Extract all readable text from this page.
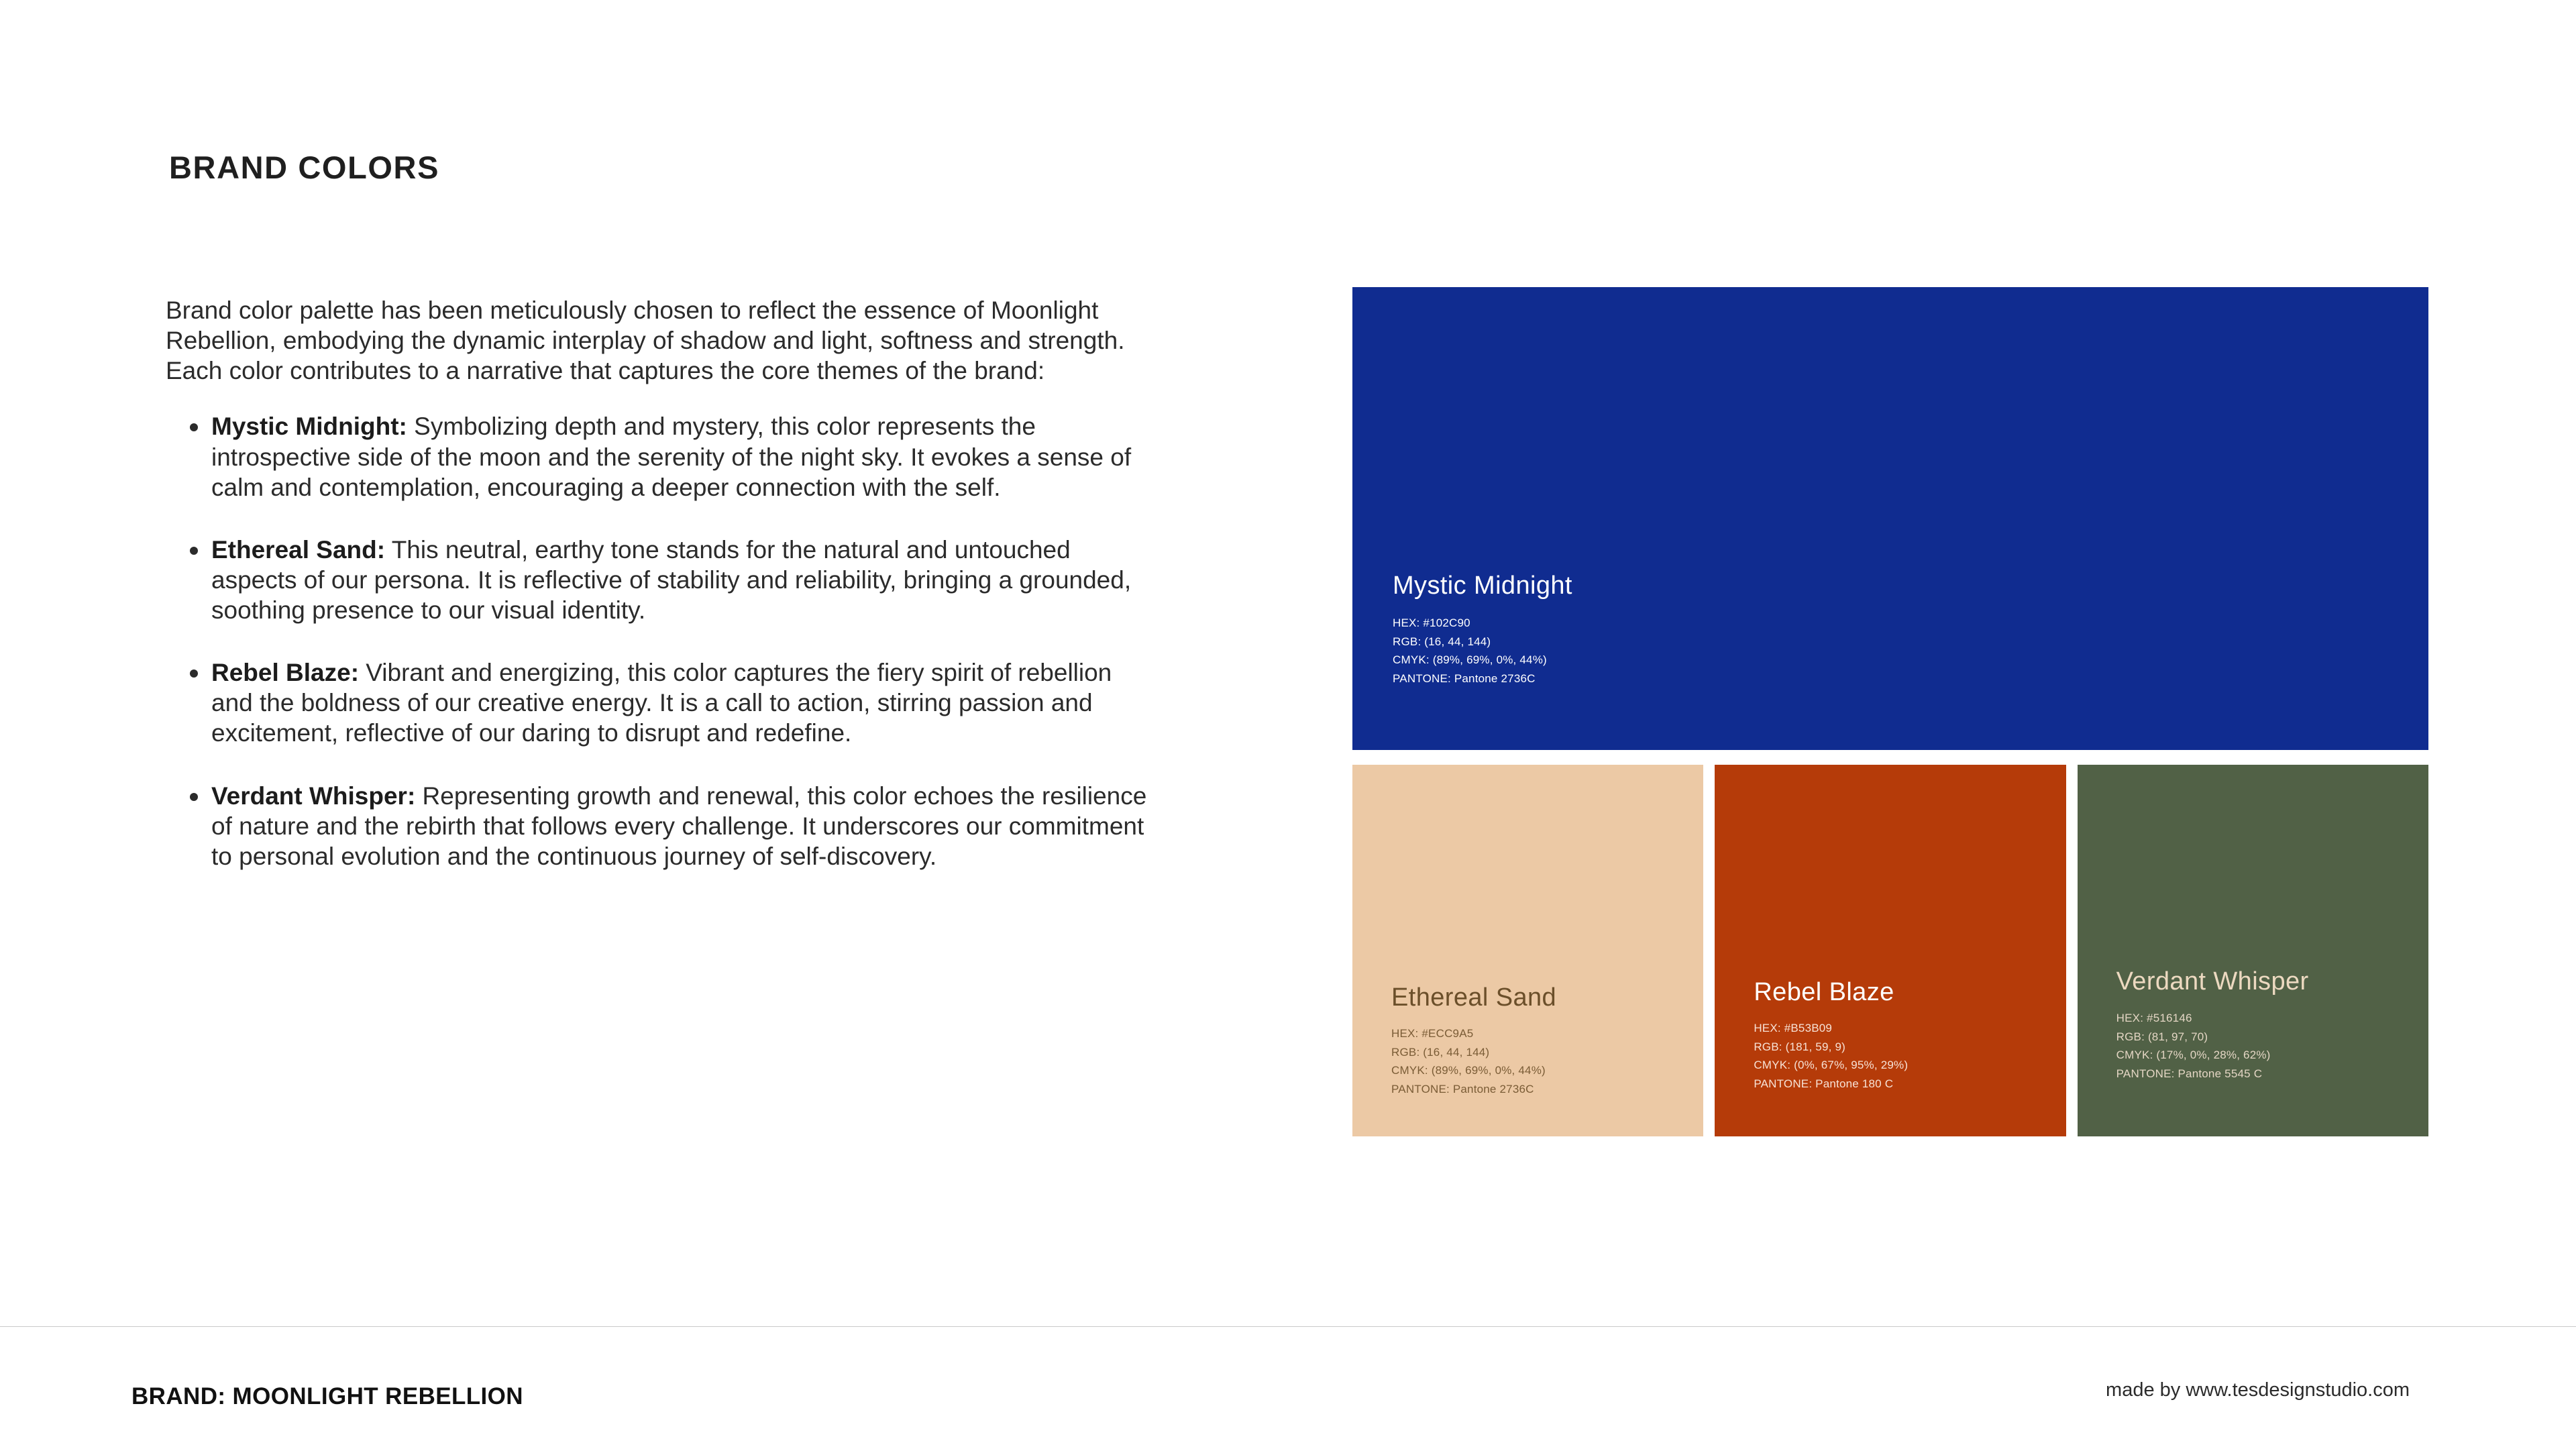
BRAND COLORS

Brand color palette has been meticulously chosen to reflect the essence of Moonlight Rebellion, embodying the dynamic interplay of shadow and light, softness and strength. Each color contributes to a narrative that captures the core themes of the brand:

Mystic Midnight: Symbolizing depth and mystery, this color represents the introspective side of the moon and the serenity of the night sky. It evokes a sense of calm and contemplation, encouraging a deeper connection with the self.
Ethereal Sand: This neutral, earthy tone stands for the natural and untouched aspects of our persona. It is reflective of stability and reliability, bringing a grounded, soothing presence to our visual identity.
Rebel Blaze: Vibrant and energizing, this color captures the fiery spirit of rebellion and the boldness of our creative energy. It is a call to action, stirring passion and excitement, reflective of our daring to disrupt and redefine.
Verdant Whisper: Representing growth and renewal, this color echoes the resilience of nature and the rebirth that follows every challenge. It underscores our commitment to personal evolution and the continuous journey of self-discovery.
Mystic Midnight
HEX: #102C90
RGB: (16, 44, 144)
CMYK: (89%, 69%, 0%, 44%)
PANTONE: Pantone 2736C
Ethereal Sand
HEX: #ECC9A5
RGB: (16, 44, 144)
CMYK: (89%, 69%, 0%, 44%)
PANTONE: Pantone 2736C
Rebel Blaze
HEX: #B53B09
RGB: (181, 59, 9)
CMYK: (0%, 67%, 95%, 29%)
PANTONE: Pantone 180 C
Verdant Whisper
HEX: #516146
RGB: (81, 97, 70)
CMYK: (17%, 0%, 28%, 62%)
PANTONE: Pantone 5545 C
BRAND: MOONLIGHT REBELLION	made by www.tesdesignstudio.com
